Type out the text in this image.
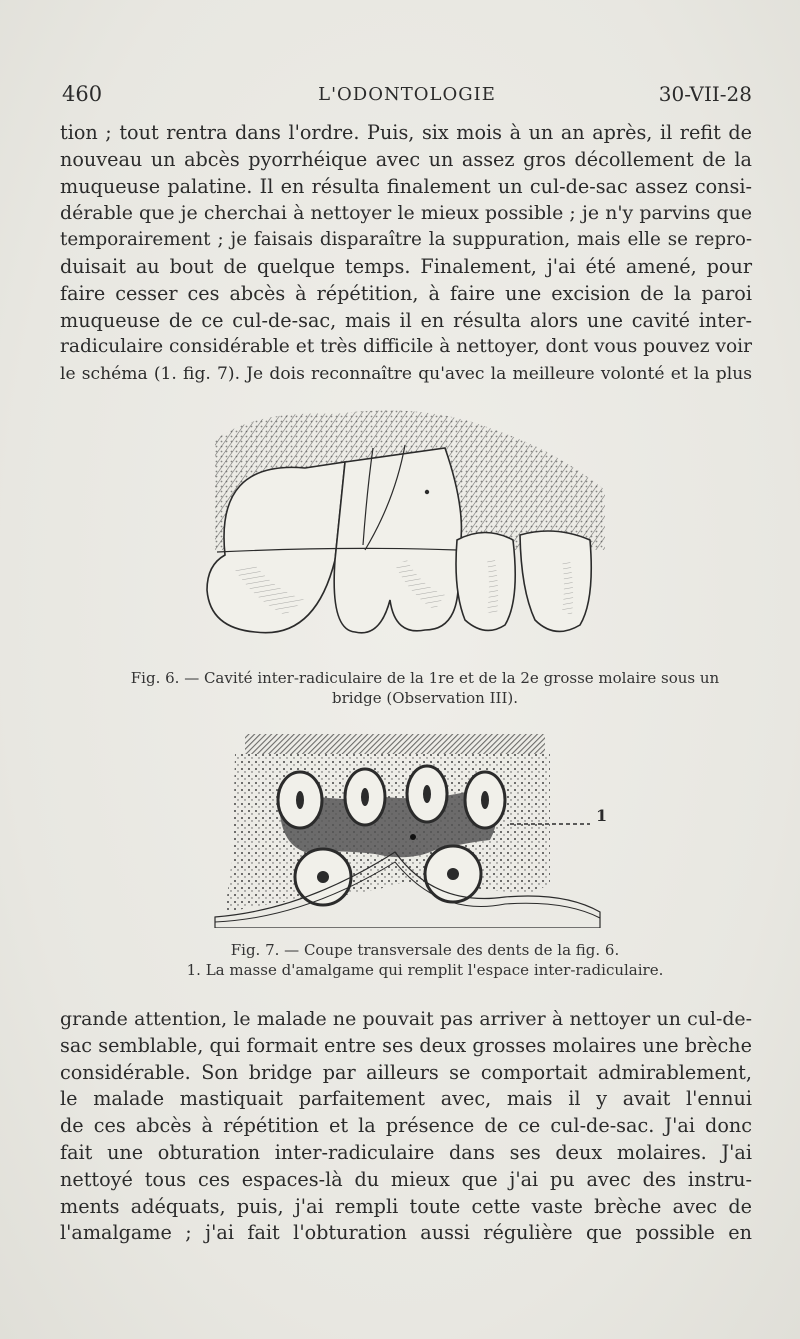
460	L'ODONTOLOGIE	30-VII-28
tion ; tout rentra dans l'ordre. Puis, six mois à un an après, il refit de
nouveau un abcès pyorrhéique avec un assez gros décollement de la
muqueuse palatine. Il en résulta finalement un cul-de-sac assez consi-
dérable que je cherchai à nettoyer le mieux possible ; je n'y parvins que
temporairement ; je faisais disparaître la suppuration, mais elle se repro-
duisait au bout de quelque temps. Finalement, j'ai été amené, pour
faire cesser ces abcès à répétition, à faire une excision de la paroi
muqueuse de ce cul-de-sac, mais il en résulta alors une cavité inter-
radiculaire considérable et très difficile à nettoyer, dont vous pouvez voir
le schéma (1. fig. 7). Je dois reconnaître qu'avec la meilleure volonté et la plus
Fig. 6. — Cavité inter-radiculaire de la 1re et de la 2e grosse molaire sous un
bridge (Observation III).
1
Fig. 7. — Coupe transversale des dents de la fig. 6.
1. La masse d'amalgame qui remplit l'espace inter-radiculaire.
grande attention, le malade ne pouvait pas arriver à nettoyer un cul-de-
sac semblable, qui formait entre ses deux grosses molaires une brèche
considérable. Son bridge par ailleurs se comportait admirablement,
le malade mastiquait parfaitement avec, mais il y avait l'ennui
de ces abcès à répétition et la présence de ce cul-de-sac. J'ai donc
fait une obturation inter-radiculaire dans ses deux molaires. J'ai
nettoyé tous ces espaces-là du mieux que j'ai pu avec des instru-
ments adéquats, puis, j'ai rempli toute cette vaste brèche avec de
l'amalgame ; j'ai fait l'obturation aussi régulière que possible en
